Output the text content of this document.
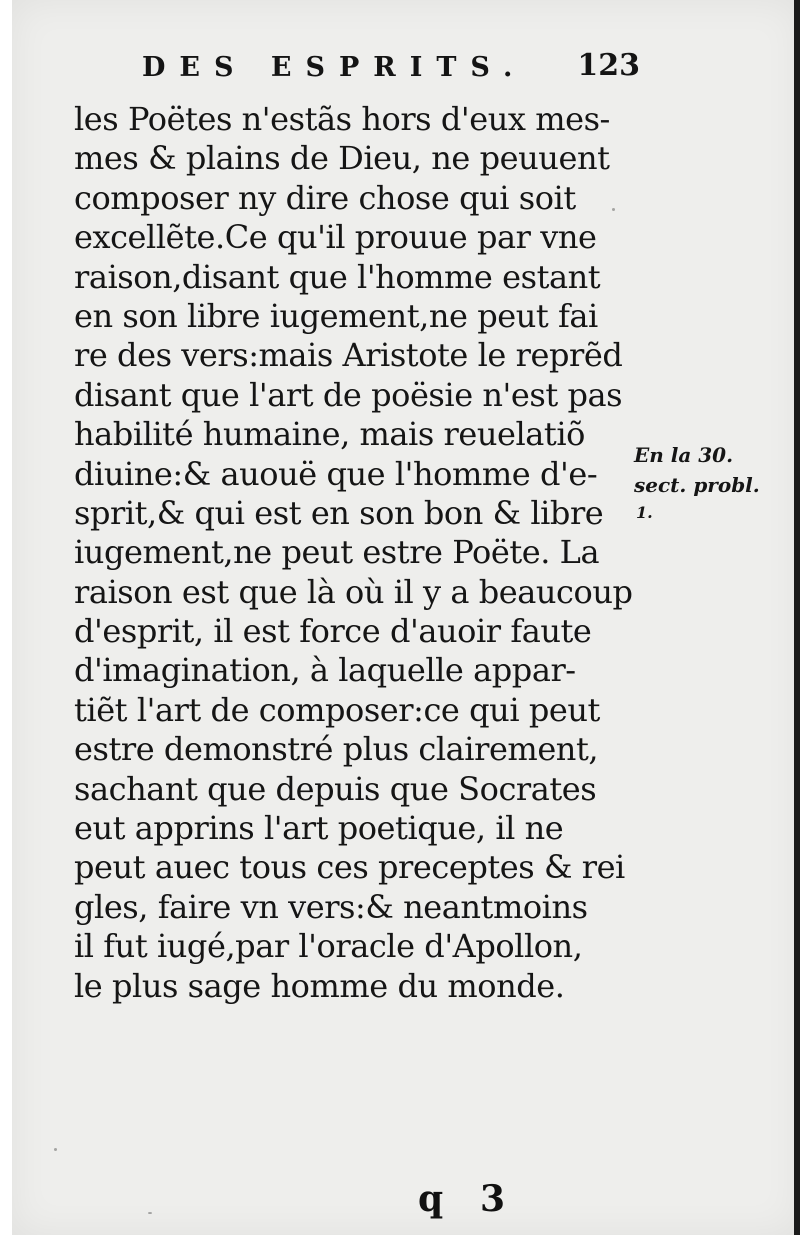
DES ESPRITS. 123
les Poëtes n'estãs hors d'eux mes-
mes & plains de Dieu, ne peuuent
composer ny dire chose qui soit
excellẽte.Ce qu'il prouue par vne
raison,disant que l'homme estant
en son libre iugement,ne peut fai
re des vers:mais Aristote le reprẽd
disant que l'art de poësie n'est pas
habilité humaine, mais reuelatiõ
diuine:& auouë que l'homme d'e-
sprit,& qui est en son bon & libre
iugement,ne peut estre Poëte. La
raison est que là où il y a beaucoup
d'esprit, il est force d'auoir faute
d'imagination, à laquelle appar-
tiẽt l'art de composer:ce qui peut
estre demonstré plus clairement,
sachant que depuis que Socrates
eut apprins l'art poetique, il ne
peut auec tous ces preceptes & rei
gles, faire vn vers:& neantmoins
il fut iugé,par l'oracle d'Apollon,
le plus sage homme du monde.
En la 30.
sect. probl.
1.
q 3
